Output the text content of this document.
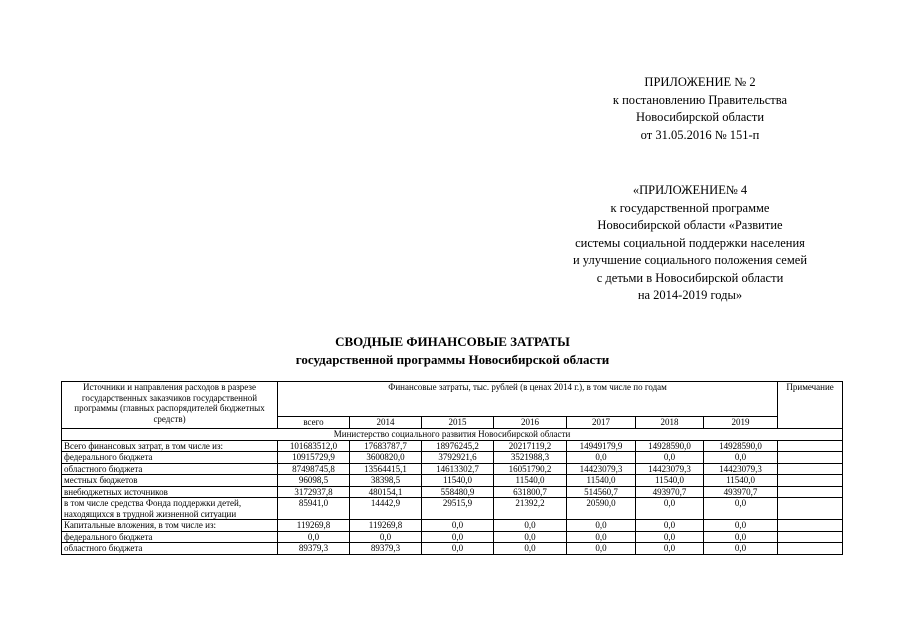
ПРИЛОЖЕНИЕ № 2
к постановлению Правительства
Новосибирской области
от 31.05.2016 № 151-п
«ПРИЛОЖЕНИЕ№ 4
к государственной программе
Новосибирской области «Развитие
системы социальной поддержки населения
и улучшение социального положения семей
с детьми в Новосибирской области
на 2014-2019 годы»
СВОДНЫЕ ФИНАНСОВЫЕ ЗАТРАТЫ
государственной программы Новосибирской области
Источники и направления расходов в разрезе государственных заказчиков государственной программы (главных распорядителей бюджетных средств)	Финансовые затраты, тыс. рублей (в ценах 2014 г.), в том числе по годам							Примечание
	всего	2014	2015	2016	2017	2018	2019	
Министерство социального развития Новосибирской области								
Всего финансовых затрат, в том числе из:	101683512,0	17683787,7	18976245,2	20217119,2	14949179,9	14928590,0	14928590,0	
федерального бюджета	10915729,9	3600820,0	3792921,6	3521988,3	0,0	0,0	0,0	
областного бюджета	87498745,8	13564415,1	14613302,7	16051790,2	14423079,3	14423079,3	14423079,3	
местных бюджетов	96098,5	38398,5	11540,0	11540,0	11540,0	11540,0	11540,0	
внебюджетных источников	3172937,8	480154,1	558480,9	631800,7	514560,7	493970,7	493970,7	
в том числе средства Фонда поддержки детей, находящихся в трудной жизненной ситуации	85941,0	14442,9	29515,9	21392,2	20590,0	0,0	0,0	
Капитальные вложения, в том числе из:	119269,8	119269,8	0,0	0,0	0,0	0,0	0,0	
федерального бюджета	0,0	0,0	0,0	0,0	0,0	0,0	0,0	
областного бюджета	89379,3	89379,3	0,0	0,0	0,0	0,0	0,0	
